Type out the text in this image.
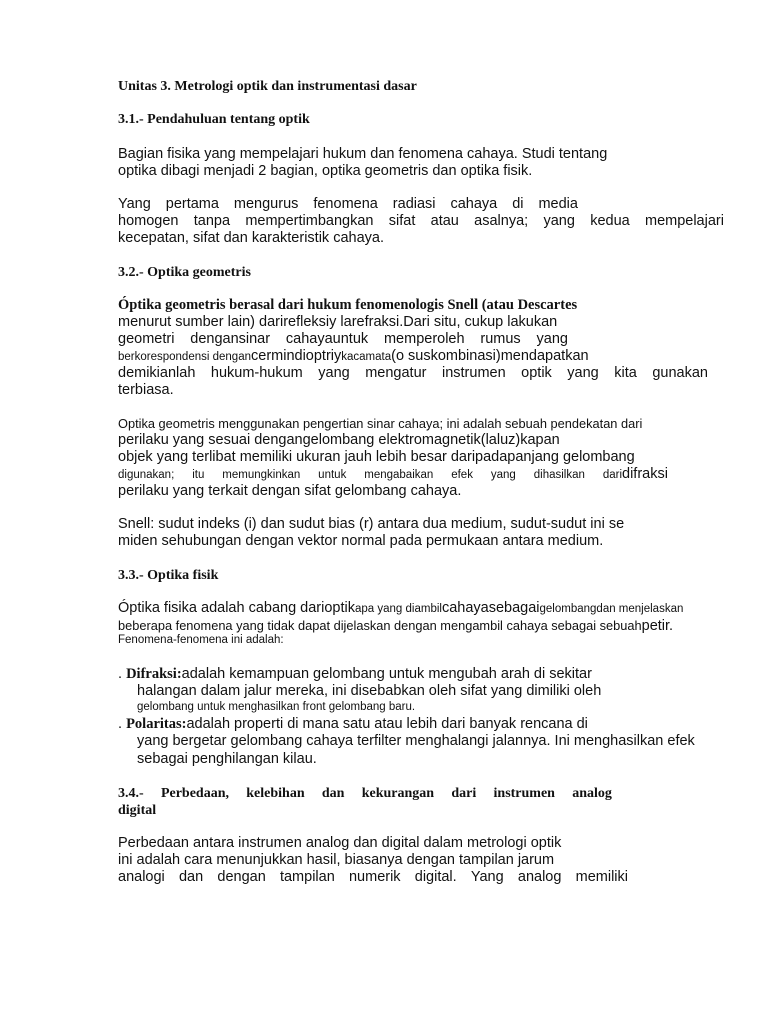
Unitas 3. Metrologi optik dan instrumentasi dasar
3.1.- Pendahuluan tentang optik
Bagian fisika yang mempelajari hukum dan fenomena cahaya. Studi tentang
optika dibagi menjadi 2 bagian, optika geometris dan optika fisik.
Yang pertama mengurus fenomena radiasi cahaya di media
homogen tanpa mempertimbangkan sifat atau asalnya; yang kedua mempelajari
kecepatan, sifat dan karakteristik cahaya.
3.2.- Optika geometris
Óptika geometris berasal dari hukum fenomenologis Snell (atau Descartes
menurut sumber lain) darirefleksiy larefraksi.Dari situ, cukup lakukan
geometri dengansinar cahayauntuk memperoleh rumus yang
berkorespondensi dengancermindioptriykacamata(o suskombinasi)mendapatkan
demikianlah hukum-hukum yang mengatur instrumen optik yang kita gunakan
terbiasa.
Optika geometris menggunakan pengertian sinar cahaya; ini adalah sebuah pendekatan dari
perilaku yang sesuai dengangelombang elektromagnetik(laluz)kapan
objek yang terlibat memiliki ukuran jauh lebih besar daripadapanjang gelombang
digunakan; itu memungkinkan untuk mengabaikan efek yang dihasilkan daridifraksi
perilaku yang terkait dengan sifat gelombang cahaya.
Snell: sudut indeks (i) dan sudut bias (r) antara dua medium, sudut-sudut ini se
miden sehubungan dengan vektor normal pada permukaan antara medium.
3.3.- Optika fisik
Óptika fisika adalah cabang darioptikapa yang diambilcahayasebagaigelombangdan menjelaskan
beberapa fenomena yang tidak dapat dijelaskan dengan mengambil cahaya sebagai sebuahpetir.
Fenomena-fenomena ini adalah:
. Difraksi:adalah kemampuan gelombang untuk mengubah arah di sekitar
halangan dalam jalur mereka, ini disebabkan oleh sifat yang dimiliki oleh
gelombang untuk menghasilkan front gelombang baru.
. Polaritas:adalah properti di mana satu atau lebih dari banyak rencana di
yang bergetar gelombang cahaya terfilter menghalangi jalannya. Ini menghasilkan efek
sebagai penghilangan kilau.
3.4.- Perbedaan, kelebihan dan kekurangan dari instrumen analog
digital
Perbedaan antara instrumen analog dan digital dalam metrologi optik
ini adalah cara menunjukkan hasil, biasanya dengan tampilan jarum
analogi dan dengan tampilan numerik digital. Yang analog memiliki
